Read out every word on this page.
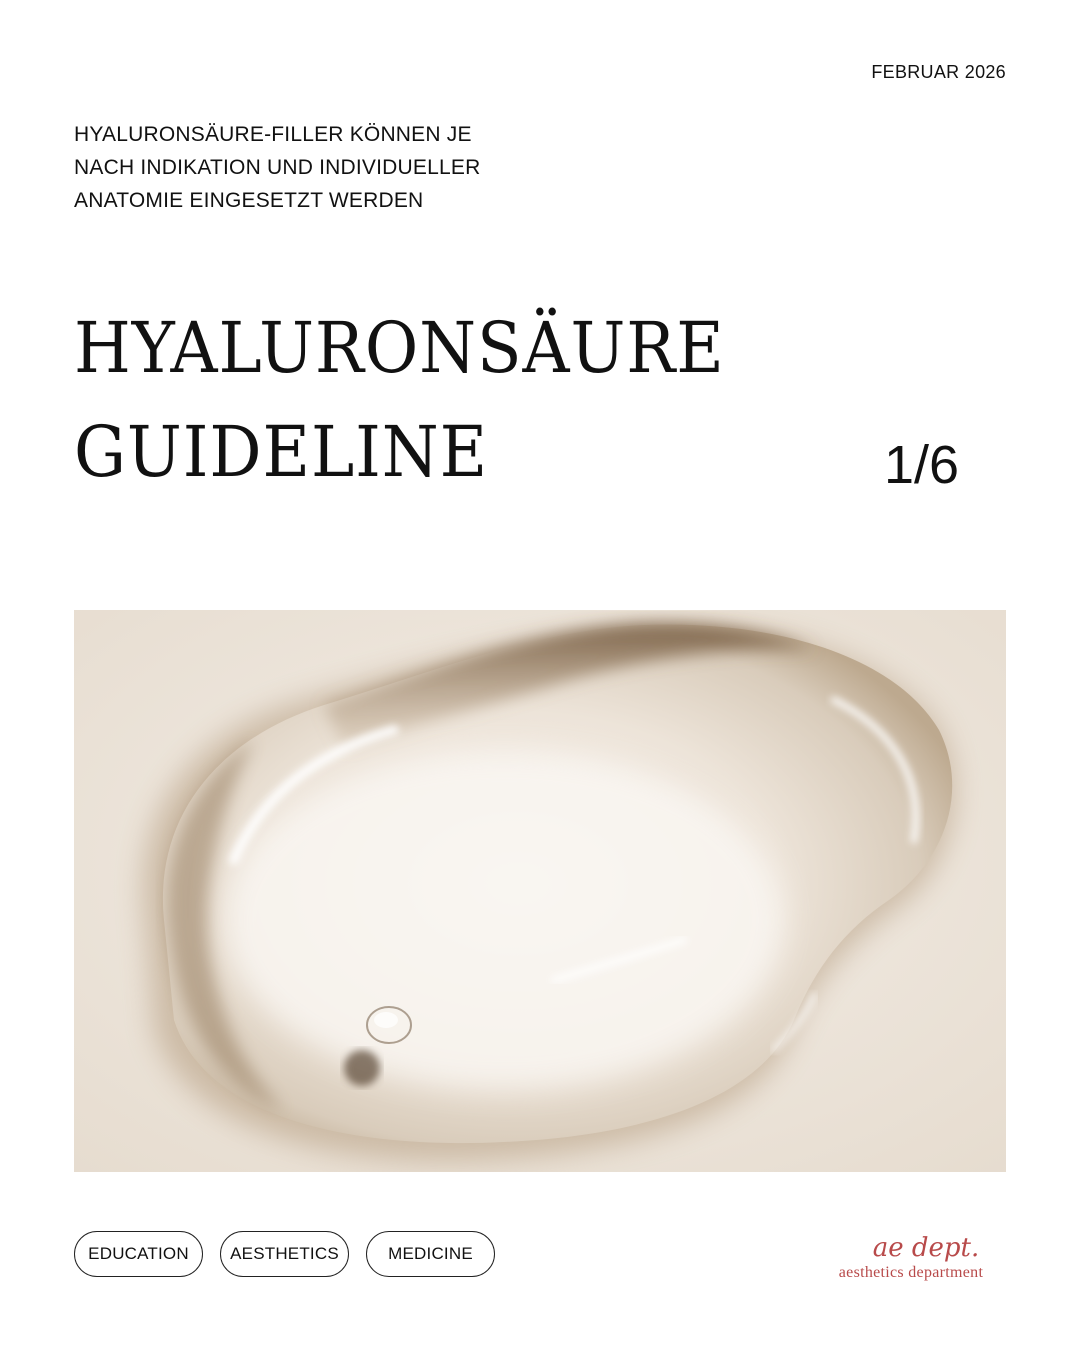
FEBRUAR 2026
HYALURONSÄURE-FILLER KÖNNEN JE
NACH INDIKATION UND INDIVIDUELLER
ANATOMIE EINGESETZT WERDEN
HYALURONSÄURE
GUIDELINE	1/6
EDUCATION	AESTHETICS	MEDICINE	ae dept.
aesthetics department
